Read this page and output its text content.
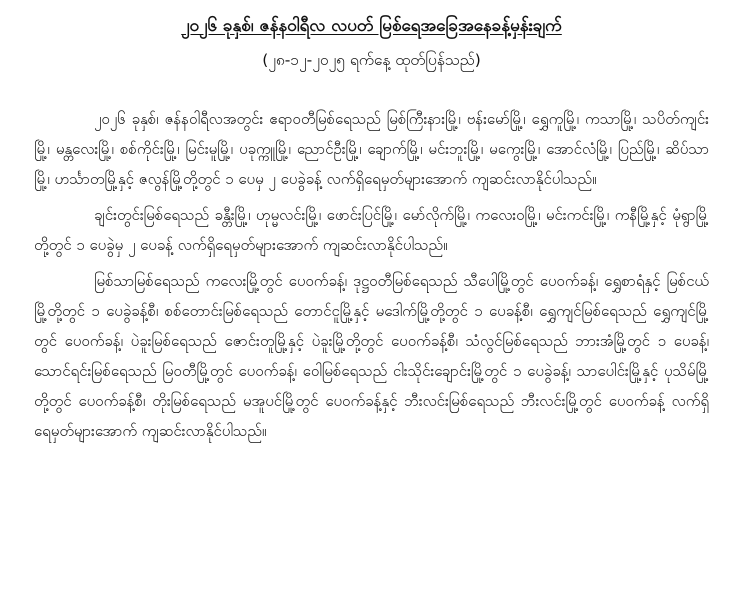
၂၀၂၆ ခုနှစ်၊ ဇန်နဝါရီလ လပတ် မြစ်ရေအခြေအနေခန့်မှန်းချက်

(၂၈-၁၂-၂၀၂၅ ရက်နေ့ ထုတ်ပြန်သည်)

၂၀၂၆ ခုနှစ်၊ ဇန်နဝါရီလအတွင်း ဧရာဝတီမြစ်ရေသည် မြစ်ကြီးနားမြို့၊ ဗန်းမော်မြို့၊ ရွှေကူမြို့၊ ကသာမြို့၊ သပိတ်ကျင်းမြို့၊ မန္တလေးမြို့၊ စစ်ကိုင်းမြို့၊ မြင်းမူမြို့၊ ပခုက္ကူမြို့၊ ညောင်ဦးမြို့၊ ချောက်မြို့၊ မင်းဘူးမြို့၊ မကွေးမြို့၊ အောင်လံမြို့၊ ပြည်မြို့၊ ဆိပ်သာမြို့၊ ဟင်္သာတမြို့နှင့် ဇလွန်မြို့တို့တွင် ၁ ပေမှ ၂ ပေခွဲခန့် လက်ရှိရေမှတ်များအောက် ကျဆင်းလာနိုင်ပါသည်။

ချင်းတွင်းမြစ်ရေသည် ခန္တီးမြို့၊ ဟုမ္မလင်းမြို့၊ ဖောင်းပြင်မြို့၊ မော်လိုက်မြို့၊ ကလေးဝမြို့၊ မင်းကင်းမြို့၊ ကနီမြို့နှင့် မုံရွာမြို့တို့တွင် ၁ ပေခွဲမှ ၂ ပေခန့် လက်ရှိရေမှတ်များအောက် ကျဆင်းလာနိုင်ပါသည်။

မြစ်သာမြစ်ရေသည် ကလေးမြို့တွင် ပေဝက်ခန့်၊ ဒုဋ္ဌဝတီမြစ်ရေသည် သီပေါမြို့တွင် ပေဝက်ခန့်၊ ရွှေစာရံနှင့် မြစ်ငယ်မြို့တို့တွင် ၁ ပေခွဲခန့်စီ၊ စစ်တောင်းမြစ်ရေသည် တောင်ငူမြို့နှင့် မဒေါက်မြို့တို့တွင် ၁ ပေခန့်စီ၊ ရွှေကျင်မြစ်ရေသည် ရွှေကျင်မြို့တွင် ပေဝက်ခန့်၊ ပဲခူးမြစ်ရေသည် ဇောင်းတူမြို့နှင့် ပဲခူးမြို့တို့တွင် ပေဝက်ခန့်စီ၊ သံလွင်မြစ်ရေသည် ဘားအံမြို့တွင် ၁ ပေခန့်၊ သောင်ရင်းမြစ်ရေသည် မြဝတီမြို့တွင် ပေဝက်ခန့်၊ ဝေါမြစ်ရေသည် ငါးသိုင်းချောင်းမြို့တွင် ၁ ပေခွဲခန့်၊ သာပေါင်းမြို့နှင့် ပုသိမ်မြို့တို့တွင် ပေဝက်ခန့်စီ၊ တိုးမြစ်ရေသည် မအူပင်မြို့တွင် ပေဝက်ခန့်နှင့် ဘီးလင်းမြစ်ရေသည် ဘီးလင်းမြို့တွင် ပေဝက်ခန့် လက်ရှိရေမှတ်များအောက် ကျဆင်းလာနိုင်ပါသည်။
